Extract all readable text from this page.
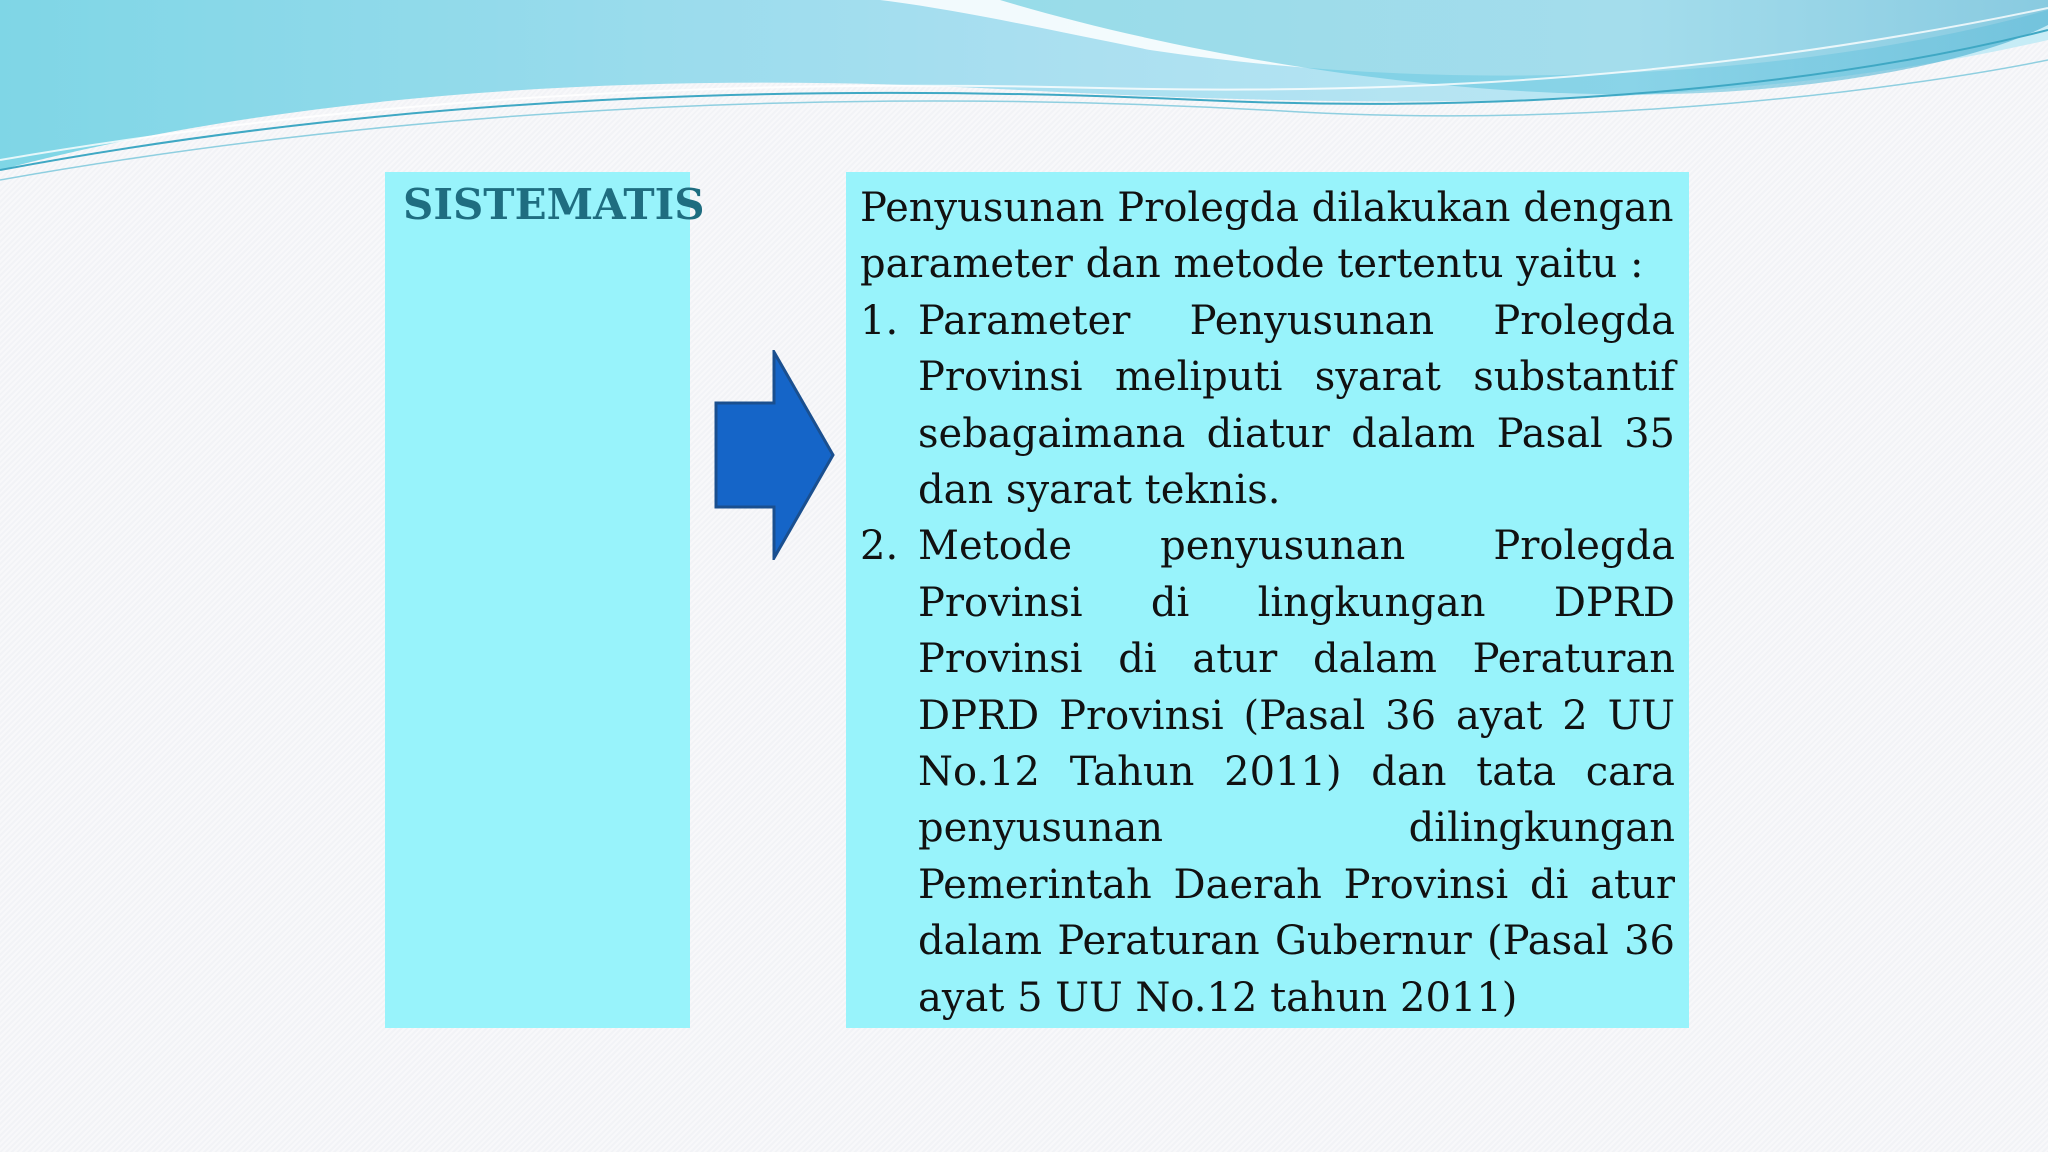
SISTEMATIS	Penyusunan Prolegda dilakukan dengan parameter dan metode tertentu yaitu :

1. Parameter Penyusunan Prolegda Provinsi meliputi syarat substantif sebagaimana diatur dalam Pasal 35 dan syarat teknis.

2. Metode penyusunan Prolegda Provinsi di lingkungan DPRD Provinsi di atur dalam Peraturan DPRD Provinsi (Pasal 36 ayat 2 UU No.12 Tahun 2011) dan tata cara penyusunan dilingkungan Pemerintah Daerah Provinsi di atur dalam Peraturan Gubernur (Pasal 36 ayat 5 UU No.12 tahun 2011)
